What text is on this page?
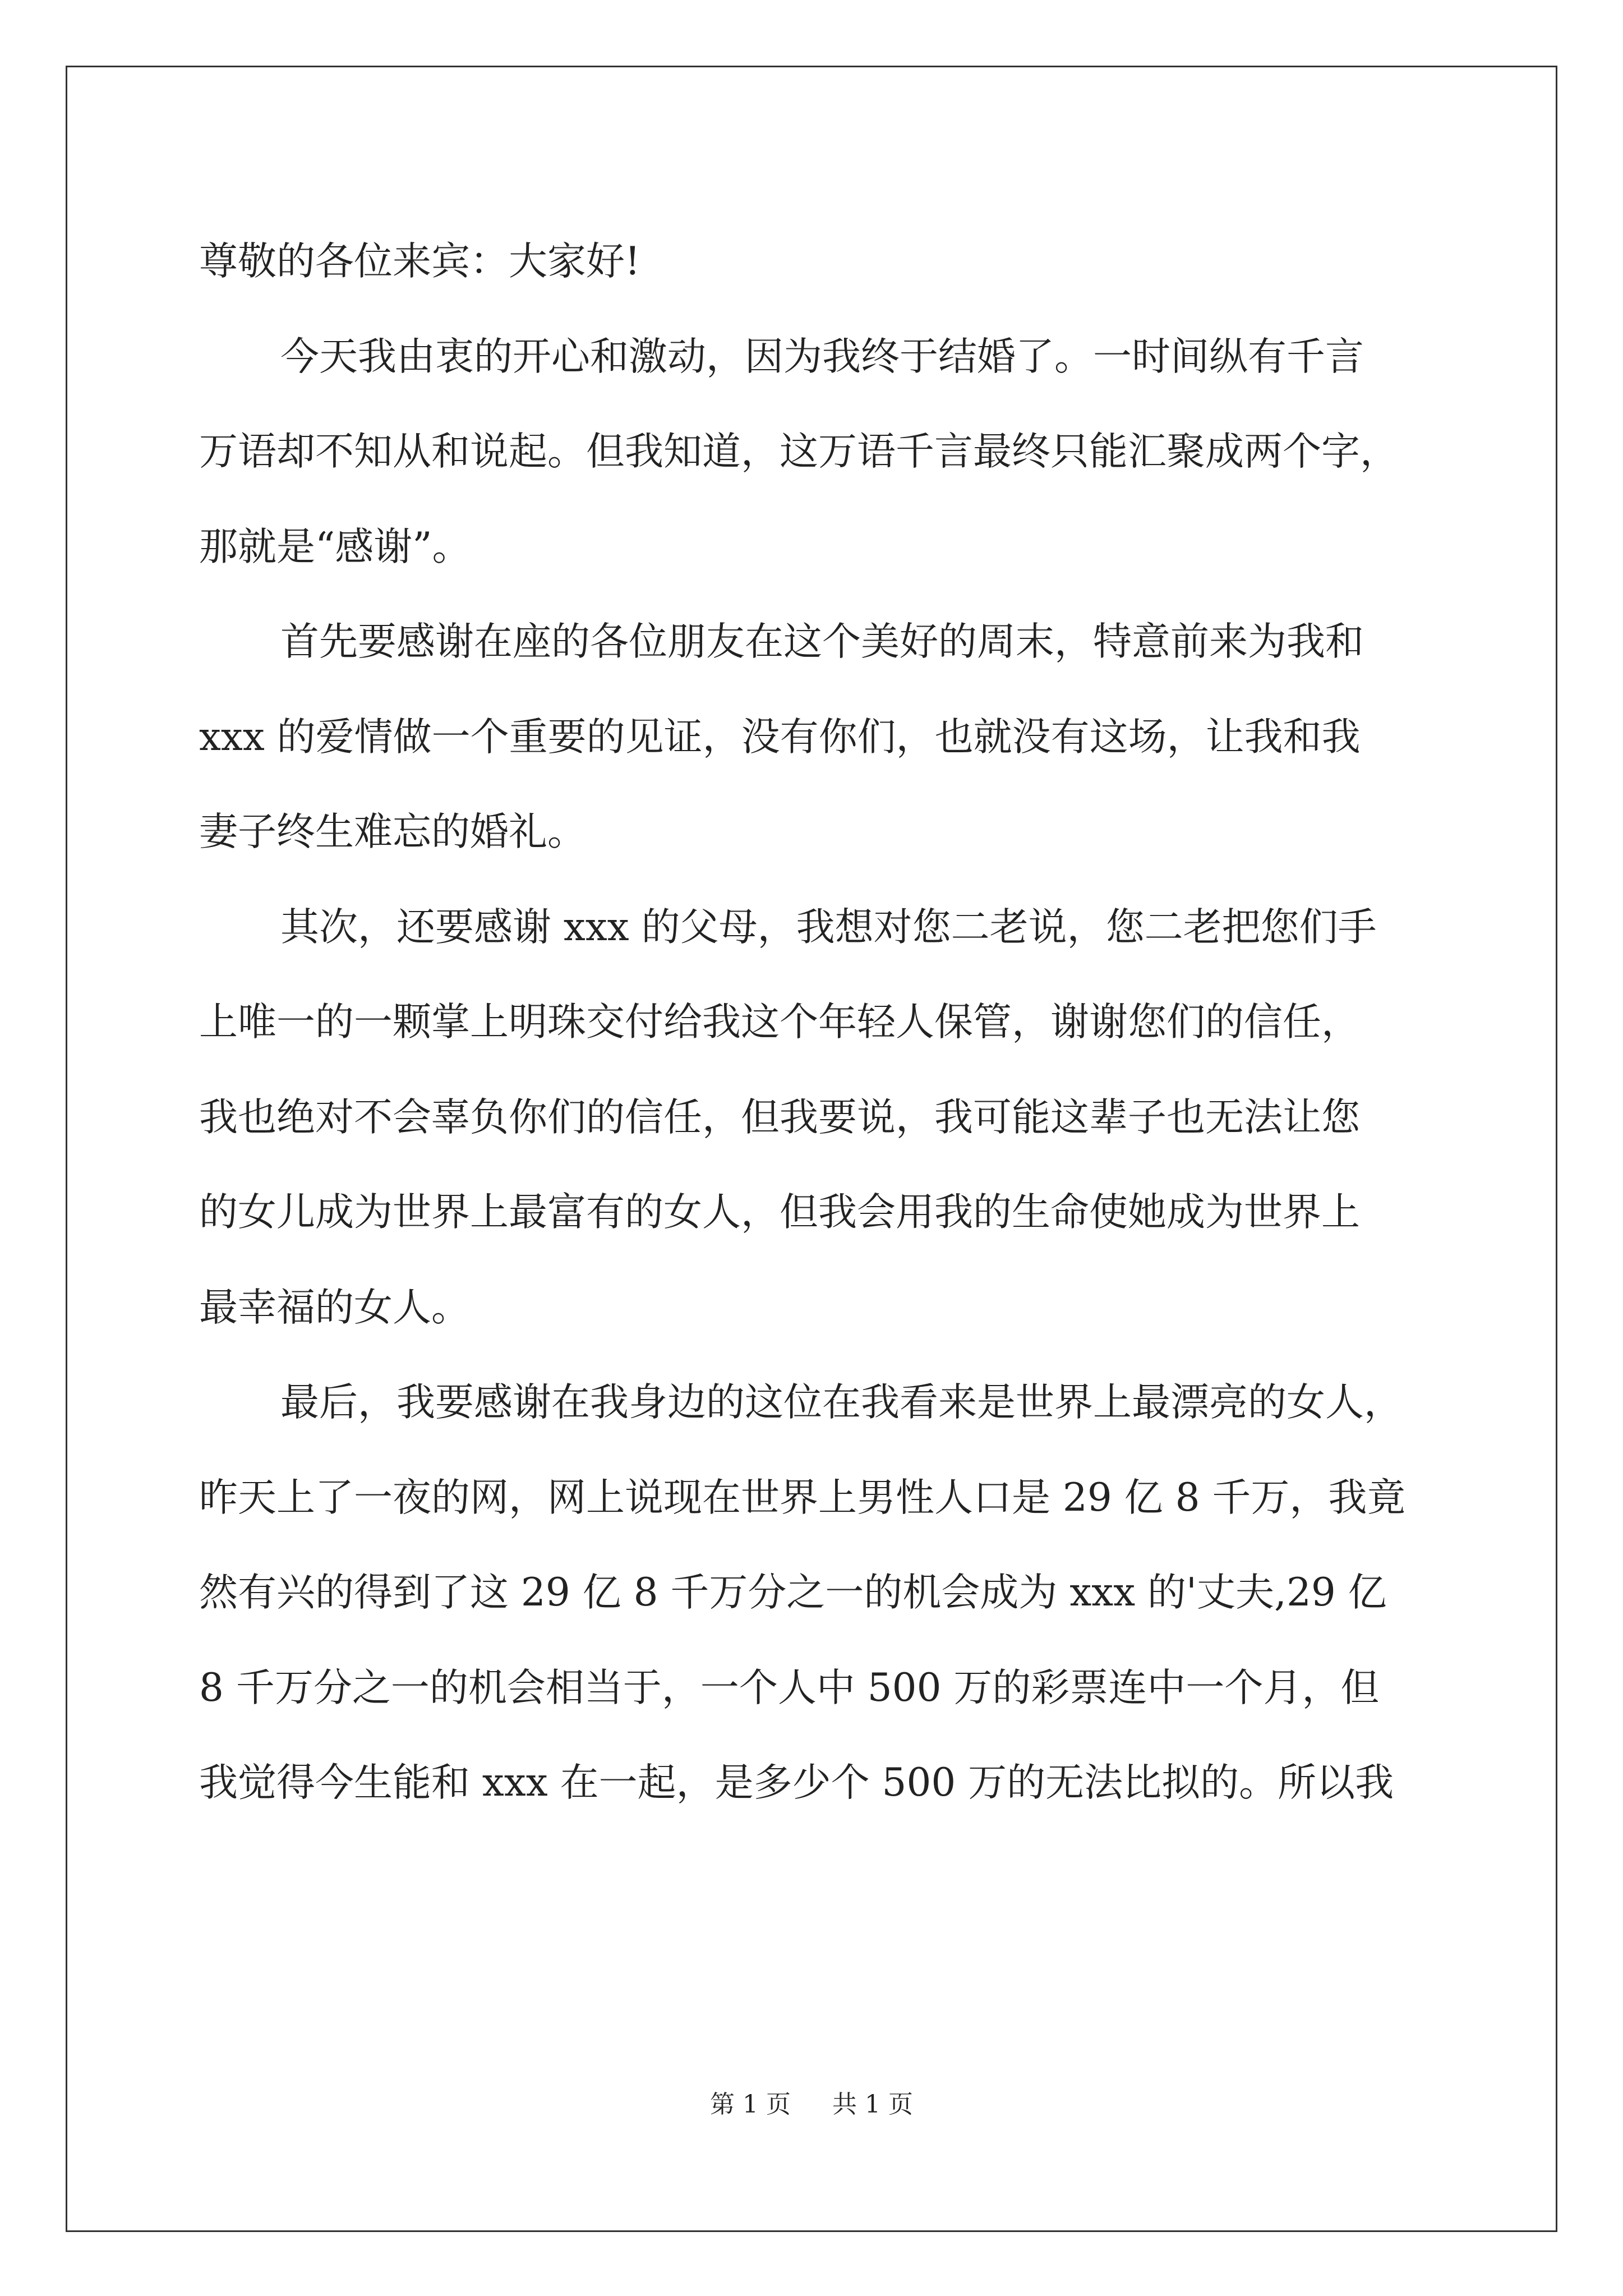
尊敬的各位来宾：大家好!
今天我由衷的开心和激动，因为我终于结婚了。一时间纵有千言
万语却不知从和说起。但我知道，这万语千言最终只能汇聚成两个字，
那就是“感谢”。
首先要感谢在座的各位朋友在这个美好的周末，特意前来为我和
xxx 的爱情做一个重要的见证，没有你们，也就没有这场，让我和我
妻子终生难忘的婚礼。
其次，还要感谢 xxx 的父母，我想对您二老说，您二老把您们手
上唯一的一颗掌上明珠交付给我这个年轻人保管，谢谢您们的信任，
我也绝对不会辜负你们的信任，但我要说，我可能这辈子也无法让您
的女儿成为世界上最富有的女人，但我会用我的生命使她成为世界上
最幸福的女人。
最后，我要感谢在我身边的这位在我看来是世界上最漂亮的女人，
昨天上了一夜的网，网上说现在世界上男性人口是 29 亿 8 千万，我竟
然有兴的得到了这 29 亿 8 千万分之一的机会成为 xxx 的'丈夫,29 亿
8 千万分之一的机会相当于，一个人中 500 万的彩票连中一个月，但
我觉得今生能和 xxx 在一起，是多少个 500 万的无法比拟的。所以我
第 1 页 共 1 页
